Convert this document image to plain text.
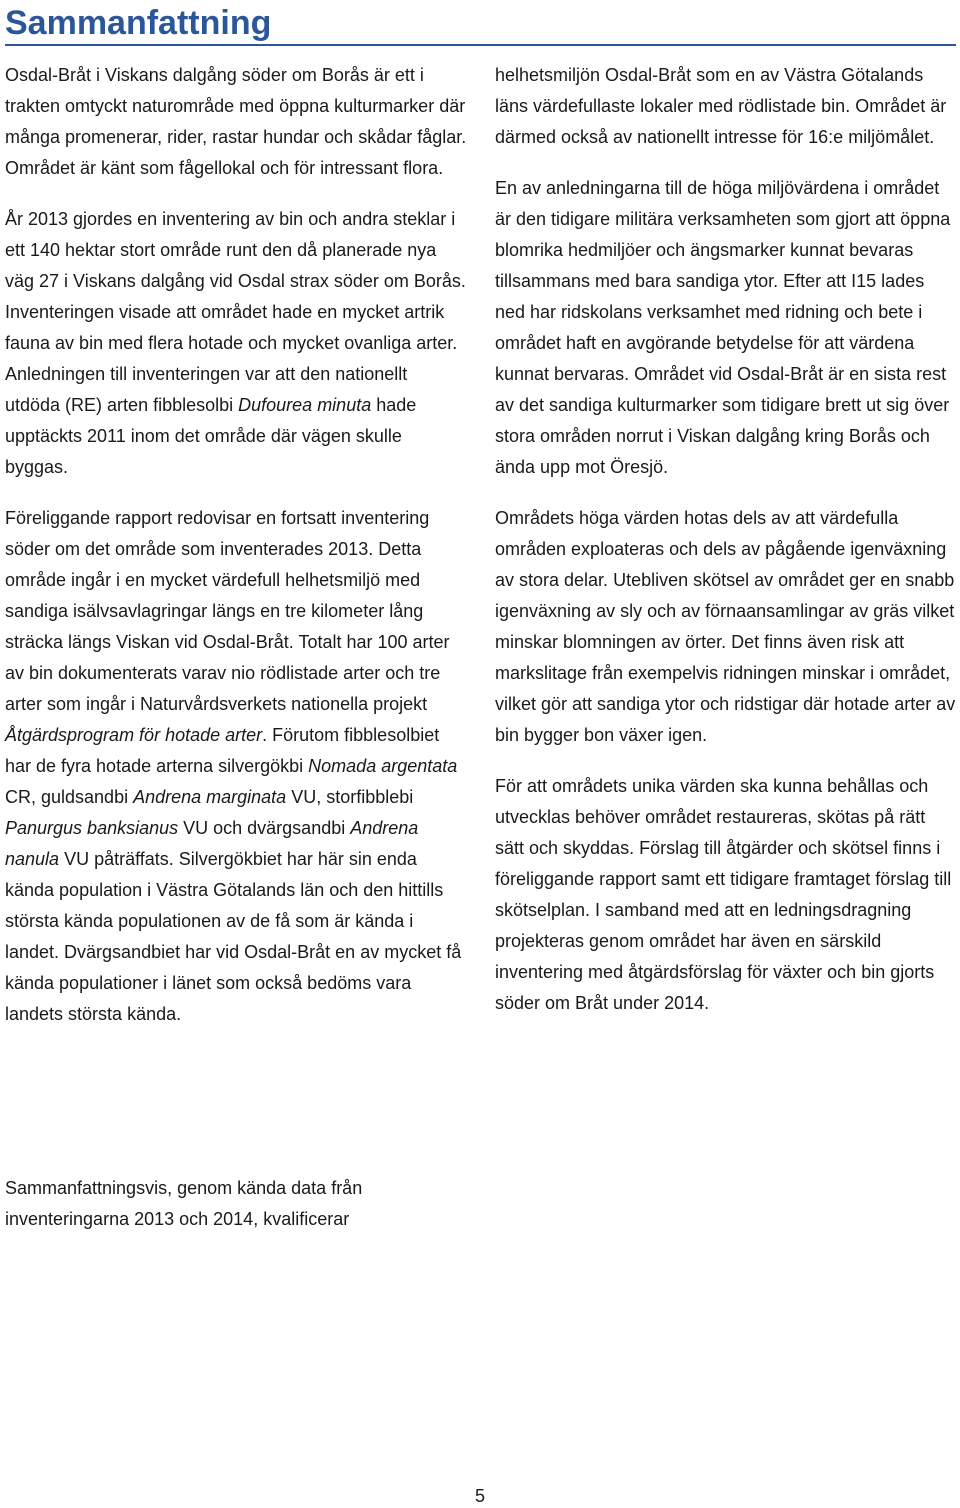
Sammanfattning

Osdal-Bråt i Viskans dalgång söder om Borås är ett i trakten omtyckt naturområde med öppna kulturmarker där många promenerar, rider, rastar hundar och skådar fåglar. Området är känt som fågellokal och för intressant flora.

År 2013 gjordes en inventering av bin och andra steklar i ett 140 hektar stort område runt den då planerade nya väg 27 i Viskans dalgång vid Osdal strax söder om Borås. Inventeringen visade att området hade en mycket artrik fauna av bin med flera hotade och mycket ovanliga arter. Anledningen till inventeringen var att den nationellt utdöda (RE) arten fibblesolbi Dufourea minuta hade upptäckts 2011 inom det område där vägen skulle byggas.

Föreliggande rapport redovisar en fortsatt inventering söder om det område som inventerades 2013. Detta område ingår i en mycket värdefull helhetsmiljö med sandiga isälvsavlagringar längs en tre kilometer lång sträcka längs Viskan vid Osdal-Bråt. Totalt har 100 arter av bin dokumenterats varav nio rödlistade arter och tre arter som ingår i Naturvårdsverkets nationella projekt Åtgärdsprogram för hotade arter. Förutom fibblesolbiet har de fyra hotade arterna silvergökbi Nomada argentata CR, guldsandbi Andrena marginata VU, storfibblebi Panurgus banksianus VU och dvärgsandbi Andrena nanula VU påträffats. Silvergökbiet har här sin enda kända population i Västra Götalands län och den hittills största kända populationen av de få som är kända i landet. Dvärgsandbiet har vid Osdal-Bråt en av mycket få kända populationer i länet som också bedöms vara landets största kända.

Sammanfattningsvis, genom kända data från inventeringarna 2013 och 2014, kvalificerar

helhetsmiljön Osdal-Bråt som en av Västra Götalands läns värdefullaste lokaler med rödlistade bin. Området är därmed också av nationellt intresse för 16:e miljömålet.

En av anledningarna till de höga miljövärdena i området är den tidigare militära verksamheten som gjort att öppna blomrika hedmiljöer och ängsmarker kunnat bevaras tillsammans med bara sandiga ytor. Efter att I15 lades ned har ridskolans verksamhet med ridning och bete i området haft en avgörande betydelse för att värdena kunnat bervaras. Området vid Osdal-Bråt är en sista rest av det sandiga kulturmarker som tidigare brett ut sig över stora områden norrut i Viskan dalgång kring Borås och ända upp mot Öresjö.

Områdets höga värden hotas dels av att värdefulla områden exploateras och dels av pågående igenväxning av stora delar. Utebliven skötsel av området ger en snabb igenväxning av sly och av förnaansamlingar av gräs vilket minskar blomningen av örter. Det finns även risk att markslitage från exempelvis ridningen minskar i området, vilket gör att sandiga ytor och ridstigar där hotade arter av bin bygger bon växer igen.

För att områdets unika värden ska kunna behållas och utvecklas behöver området restaureras, skötas på rätt sätt och skyddas. Förslag till åtgärder och skötsel finns i föreliggande rapport samt ett tidigare framtaget förslag till skötselplan. I samband med att en ledningsdragning projekteras genom området har även en särskild inventering med åtgärdsförslag för växter och bin gjorts söder om Bråt under 2014.

5
